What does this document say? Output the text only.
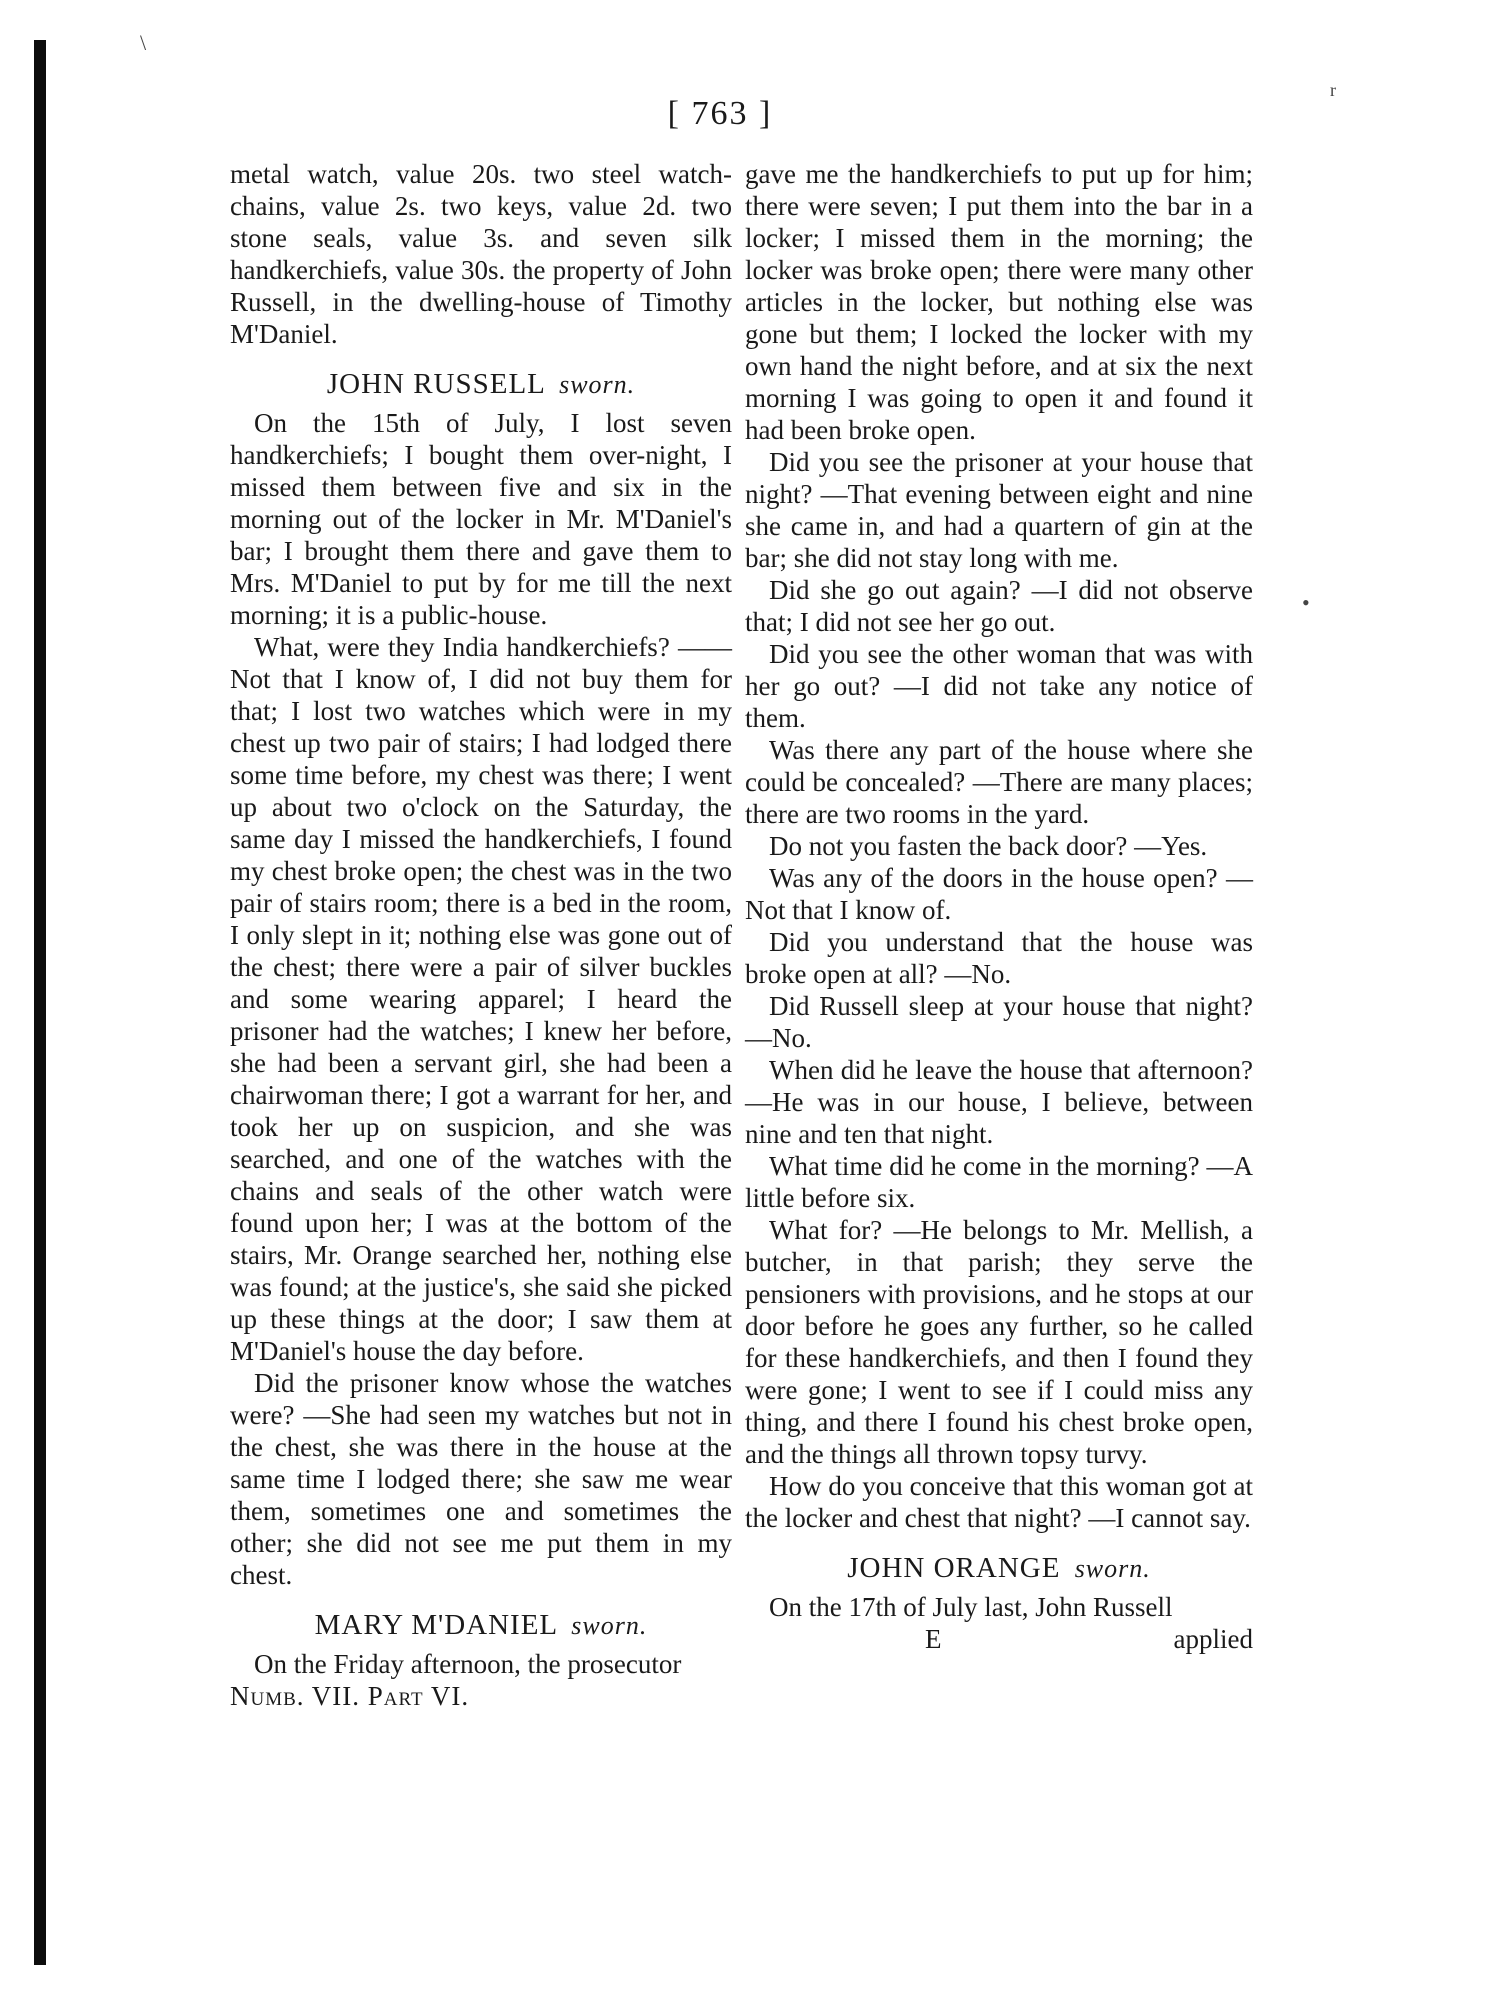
\
r
•
[ 763 ]

metal watch, value 20s. two steel watch-chains, value 2s. two keys, value 2d. two stone seals, value 3s. and seven silk handkerchiefs, value 30s. the property of John Russell, in the dwelling-house of Timothy M'Daniel.

JOHN RUSSELL sworn.

On the 15th of July, I lost seven handkerchiefs; I bought them over-night, I missed them between five and six in the morning out of the locker in Mr. M'Daniel's bar; I brought them there and gave them to Mrs. M'Daniel to put by for me till the next morning; it is a public-house.

What, were they India handkerchiefs? ——Not that I know of, I did not buy them for that; I lost two watches which were in my chest up two pair of stairs; I had lodged there some time before, my chest was there; I went up about two o'clock on the Saturday, the same day I missed the handkerchiefs, I found my chest broke open; the chest was in the two pair of stairs room; there is a bed in the room, I only slept in it; nothing else was gone out of the chest; there were a pair of silver buckles and some wearing apparel; I heard the prisoner had the watches; I knew her before, she had been a servant girl, she had been a chairwoman there; I got a warrant for her, and took her up on suspicion, and she was searched, and one of the watches with the chains and seals of the other watch were found upon her; I was at the bottom of the stairs, Mr. Orange searched her, nothing else was found; at the justice's, she said she picked up these things at the door; I saw them at M'Daniel's house the day before.

Did the prisoner know whose the watches were? —She had seen my watches but not in the chest, she was there in the house at the same time I lodged there; she saw me wear them, sometimes one and sometimes the other; she did not see me put them in my chest.

MARY M'DANIEL sworn.

On the Friday afternoon, the prosecutor

Numb. VII. Part VI.

gave me the handkerchiefs to put up for him; there were seven; I put them into the bar in a locker; I missed them in the morning; the locker was broke open; there were many other articles in the locker, but nothing else was gone but them; I locked the locker with my own hand the night before, and at six the next morning I was going to open it and found it had been broke open.

Did you see the prisoner at your house that night? —That evening between eight and nine she came in, and had a quartern of gin at the bar; she did not stay long with me.

Did she go out again? —I did not observe that; I did not see her go out.

Did you see the other woman that was with her go out? —I did not take any notice of them.

Was there any part of the house where she could be concealed? —There are many places; there are two rooms in the yard.

Do not you fasten the back door? —Yes.

Was any of the doors in the house open? —Not that I know of.

Did you understand that the house was broke open at all? —No.

Did Russell sleep at your house that night? —No.

When did he leave the house that afternoon? —He was in our house, I believe, between nine and ten that night.

What time did he come in the morning? —A little before six.

What for? —He belongs to Mr. Mellish, a butcher, in that parish; they serve the pensioners with provisions, and he stops at our door before he goes any further, so he called for these handkerchiefs, and then I found they were gone; I went to see if I could miss any thing, and there I found his chest broke open, and the things all thrown topsy turvy.

How do you conceive that this woman got at the locker and chest that night? —I cannot say.

JOHN ORANGE sworn.

On the 17th of July last, John Russell

E	applied
